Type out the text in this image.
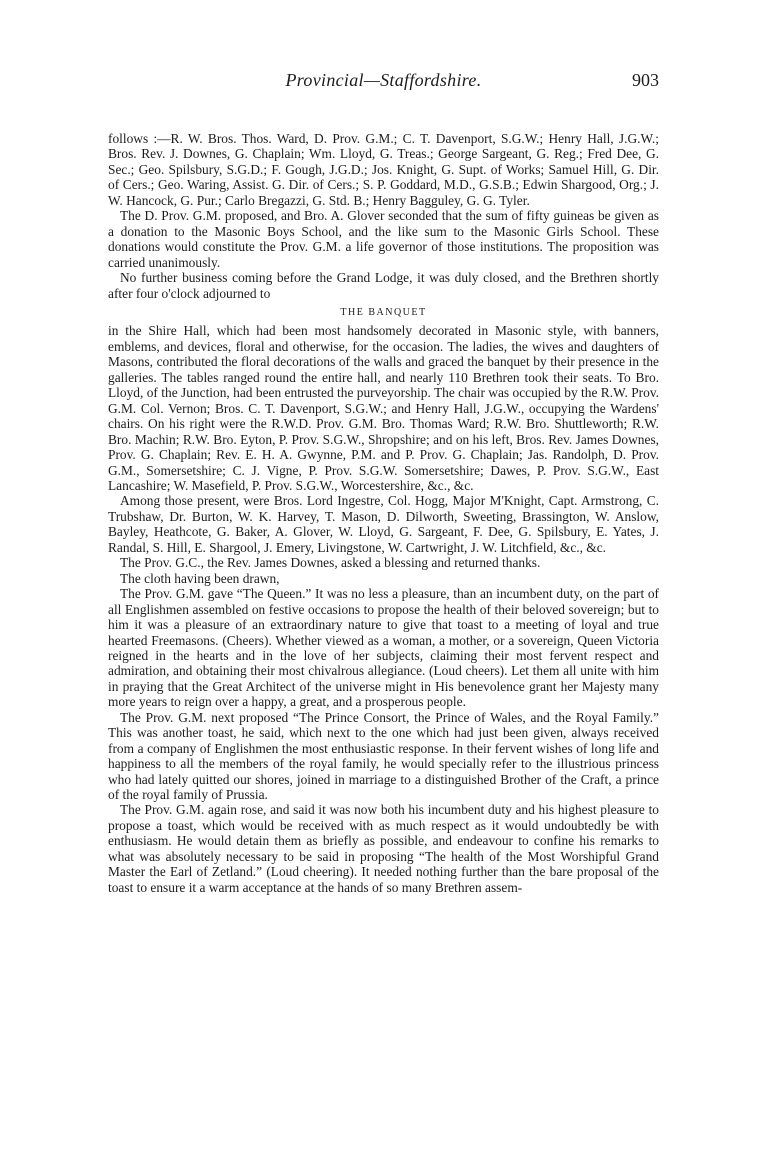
Provincial—Staffordshire.	903

follows :—R. W. Bros. Thos. Ward, D. Prov. G.M.; C. T. Davenport, S.G.W.; Henry Hall, J.G.W.; Bros. Rev. J. Downes, G. Chaplain; Wm. Lloyd, G. Treas.; George Sargeant, G. Reg.; Fred Dee, G. Sec.; Geo. Spilsbury, S.G.D.; F. Gough, J.G.D.; Jos. Knight, G. Supt. of Works; Samuel Hill, G. Dir. of Cers.; Geo. Waring, Assist. G. Dir. of Cers.; S. P. Goddard, M.D., G.S.B.; Edwin Shargood, Org.; J. W. Hancock, G. Pur.; Carlo Bregazzi, G. Std. B.; Henry Bagguley, G. G. Tyler.

The D. Prov. G.M. proposed, and Bro. A. Glover seconded that the sum of fifty guineas be given as a donation to the Masonic Boys School, and the like sum to the Masonic Girls School. These donations would constitute the Prov. G.M. a life governor of those institutions. The proposition was carried unanimously.

No further business coming before the Grand Lodge, it was duly closed, and the Brethren shortly after four o'clock adjourned to

THE BANQUET

in the Shire Hall, which had been most handsomely decorated in Masonic style, with banners, emblems, and devices, floral and otherwise, for the occasion. The ladies, the wives and daughters of Masons, contributed the floral decorations of the walls and graced the banquet by their presence in the galleries. The tables ranged round the entire hall, and nearly 110 Brethren took their seats. To Bro. Lloyd, of the Junction, had been entrusted the purveyorship. The chair was occupied by the R.W. Prov. G.M. Col. Vernon; Bros. C. T. Davenport, S.G.W.; and Henry Hall, J.G.W., occupying the Wardens' chairs. On his right were the R.W.D. Prov. G.M. Bro. Thomas Ward; R.W. Bro. Shuttleworth; R.W. Bro. Machin; R.W. Bro. Eyton, P. Prov. S.G.W., Shropshire; and on his left, Bros. Rev. James Downes, Prov. G. Chaplain; Rev. E. H. A. Gwynne, P.M. and P. Prov. G. Chaplain; Jas. Randolph, D. Prov. G.M., Somersetshire; C. J. Vigne, P. Prov. S.G.W. Somersetshire; Dawes, P. Prov. S.G.W., East Lancashire; W. Masefield, P. Prov. S.G.W., Worcestershire, &c., &c.

Among those present, were Bros. Lord Ingestre, Col. Hogg, Major M'Knight, Capt. Armstrong, C. Trubshaw, Dr. Burton, W. K. Harvey, T. Mason, D. Dilworth, Sweeting, Brassington, W. Anslow, Bayley, Heathcote, G. Baker, A. Glover, W. Lloyd, G. Sargeant, F. Dee, G. Spilsbury, E. Yates, J. Randal, S. Hill, E. Shargool, J. Emery, Livingstone, W. Cartwright, J. W. Litchfield, &c., &c.

The Prov. G.C., the Rev. James Downes, asked a blessing and returned thanks.

The cloth having been drawn,

The Prov. G.M. gave “The Queen.” It was no less a pleasure, than an incumbent duty, on the part of all Englishmen assembled on festive occasions to propose the health of their beloved sovereign; but to him it was a pleasure of an extraordinary nature to give that toast to a meeting of loyal and true hearted Freemasons. (Cheers). Whether viewed as a woman, a mother, or a sovereign, Queen Victoria reigned in the hearts and in the love of her subjects, claiming their most fervent respect and admiration, and obtaining their most chivalrous allegiance. (Loud cheers). Let them all unite with him in praying that the Great Architect of the universe might in His benevolence grant her Majesty many more years to reign over a happy, a great, and a prosperous people.

The Prov. G.M. next proposed “The Prince Consort, the Prince of Wales, and the Royal Family.” This was another toast, he said, which next to the one which had just been given, always received from a company of Englishmen the most enthusiastic response. In their fervent wishes of long life and happiness to all the members of the royal family, he would specially refer to the illustrious princess who had lately quitted our shores, joined in marriage to a distinguished Brother of the Craft, a prince of the royal family of Prussia.

The Prov. G.M. again rose, and said it was now both his incumbent duty and his highest pleasure to propose a toast, which would be received with as much respect as it would undoubtedly be with enthusiasm. He would detain them as briefly as possible, and endeavour to confine his remarks to what was absolutely necessary to be said in proposing “The health of the Most Worshipful Grand Master the Earl of Zetland.” (Loud cheering). It needed nothing further than the bare proposal of the toast to ensure it a warm acceptance at the hands of so many Brethren assem-
